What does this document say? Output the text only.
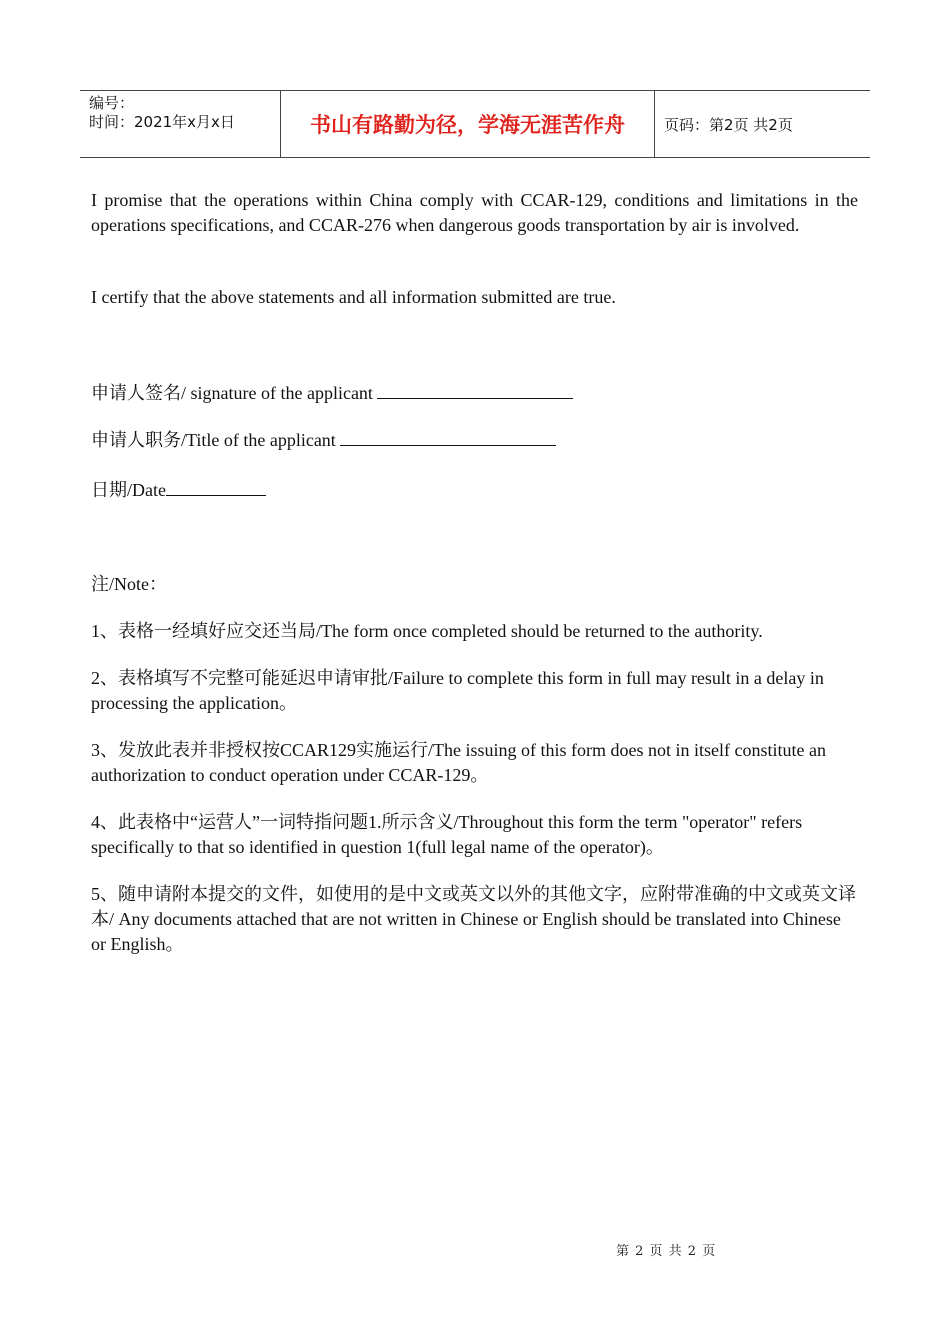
编号：
时间：2021年x月x日	书山有路勤为径，学海无涯苦作舟	页码：第2页 共2页
I promise that the operations within China comply with CCAR-129, conditions and limitations in the operations specifications, and CCAR-276 when dangerous goods transportation by air is involved.
I certify that the above statements and all information submitted are true.
申请人签名/ signature of the applicant
申请人职务/Title of the applicant
日期/Date
注/Note：
1、表格一经填好应交还当局/The form once completed should be returned to the authority.
2、表格填写不完整可能延迟申请审批/Failure to complete this form in full may result in a delay in processing the application。
3、发放此表并非授权按CCAR129实施运行/The issuing of this form does not in itself constitute an authorization to conduct operation under CCAR-129。
4、此表格中“运营人”一词特指问题1.所示含义/Throughout this form the term "operator" refers specifically to that so identified in question 1(full legal name of the operator)。
5、随申请附本提交的文件，如使用的是中文或英文以外的其他文字，应附带准确的中文或英文译本/ Any documents attached that are not written in Chinese or English should be translated into Chinese or English。
第 2 页 共 2 页
